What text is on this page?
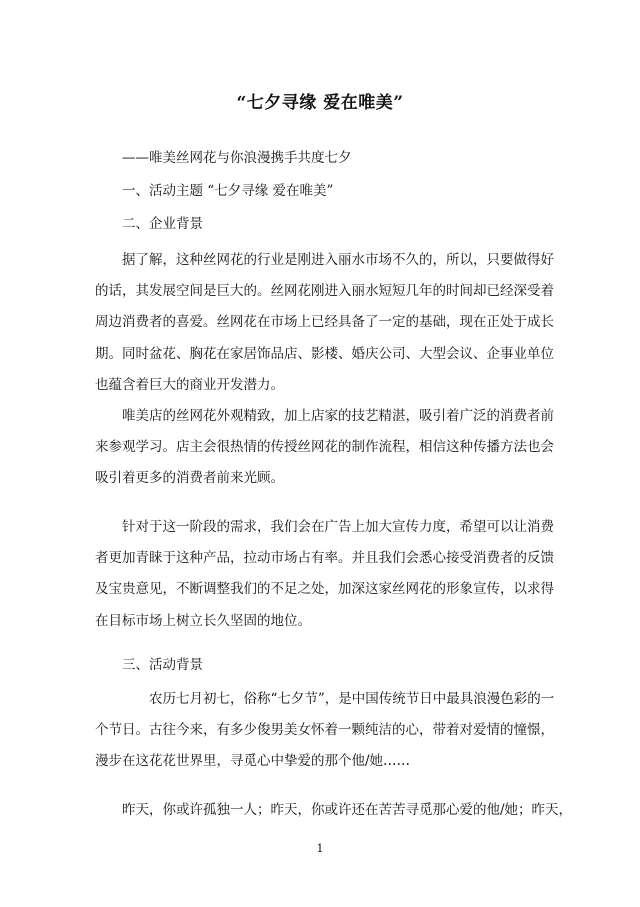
“七夕寻缘 爱在唯美”
——唯美丝网花与你浪漫携手共度七夕
一、活动主题 “七夕寻缘 爱在唯美”
二、企业背景
据了解，这种丝网花的行业是刚进入丽水市场不久的，所以，只要做得好
的话，其发展空间是巨大的。丝网花刚进入丽水短短几年的时间却已经深受着
周边消费者的喜爱。丝网花在市场上已经具备了一定的基础，现在正处于成长
期。同时盆花、胸花在家居饰品店、影楼、婚庆公司、大型会议、企事业单位
也蕴含着巨大的商业开发潜力。
唯美店的丝网花外观精致，加上店家的技艺精湛，吸引着广泛的消费者前
来参观学习。店主会很热情的传授丝网花的制作流程，相信这种传播方法也会
吸引着更多的消费者前来光顾。
针对于这一阶段的需求，我们会在广告上加大宣传力度，希望可以让消费
者更加青睐于这种产品，拉动市场占有率。并且我们会悉心接受消费者的反馈
及宝贵意见，不断调整我们的不足之处，加深这家丝网花的形象宣传，以求得
在目标市场上树立长久坚固的地位。
三、活动背景
农历七月初七，俗称“七夕节”，是中国传统节日中最具浪漫色彩的一
个节日。古往今来，有多少俊男美女怀着一颗纯洁的心，带着对爱情的憧憬，
漫步在这花花世界里，寻觅心中挚爱的那个他/她……
昨天，你或许孤独一人；昨天，你或许还在苦苦寻觅那心爱的他/她；昨天，
1
